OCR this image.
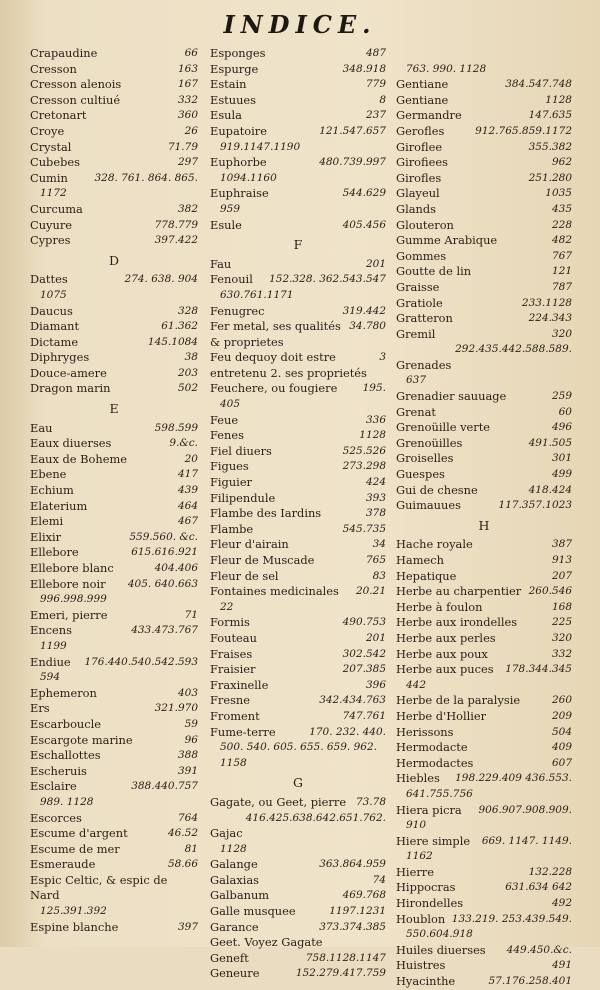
INDICE.
66
Crapaudine
163
Cresson
167
Cresson alenois
332
Cresson cultiué
360
Cretonart
26
Croye
71.79
Crystal
297
Cubebes
328. 761. 864. 865.
Cumin
1172
382
Curcuma
778.779
Cuyure
397.422
Cypres
D
274. 638. 904
Dattes
1075
328
Daucus
61.362
Diamant
145.1084
Dictame
38
Diphryges
203
Douce-amere
502
Dragon marin
E
598.599
Eau
9.&c.
Eaux diuerses
20
Eaux de Boheme
417
Ebene
439
Echium
464
Elaterium
467
Elemi
559.560. &c.
Elixir
615.616.921
Ellebore
404.406
Ellebore blanc
405. 640.663
Ellebore noir
996.998.999
71
Emeri, pierre
433.473.767
Encens
1199
176.440.540.542.593
Endiue
594
403
Ephemeron
321.970
Ers
59
Escarboucle
96
Escargote marine
388
Eschallottes
391
Escheruis
388.440.757
Esclaire
989. 1128
764
Escorces
46.52
Escume d'argent
81
Escume de mer
58.66
Esmeraude
Espic Celtic, & espic de Nard
125.391.392
397
Espine blanche
487
Esponges
348.918
Espurge
779
Estain
8
Estuues
237
Esula
121.547.657
Eupatoire
919.1147.1190
480.739.997
Euphorbe
1094.1160
544.629
Euphraise
959
405.456
Esule
F
201
Fau
152.328. 362.543.547
Fenouil
630.761.1171
319.442
Fenugrec
34.780
Fer metal, ses qualités & proprietes
3
Feu dequoy doit estre entretenu 2. ses proprietés
195.
Feuchere, ou fougiere
405
336
Feue
1128
Fenes
525.526
Fiel diuers
273.298
Figues
424
Figuier
393
Filipendule
378
Flambe des Iardins
545.735
Flambe
34
Fleur d'airain
765
Fleur de Muscade
83
Fleur de sel
20.21
Fontaines medicinales
22
490.753
Formis
201
Fouteau
302.542
Fraises
207.385
Fraisier
396
Fraxinelle
342.434.763
Fresne
747.761
Froment
170. 232. 440.
Fume-terre
500. 540. 605. 655. 659. 962.
1158
G
73.78
Gagate, ou Geet, pierre
416.425.638.642.651.762.
Gajac
1128
363.864.959
Galange
74
Galaxias
469.768
Galbanum
1197.1231
Galle musquee
373.374.385
Garance
Geet. Voyez Gagate
758.1128.1147
Geneft
152.279.417.759
Geneure
763. 990. 1128
384.547.748
Gentiane
1128
Gentiane
147.635
Germandre
912.765.859.1172
Gerofles
355.382
Giroflee
962
Girofiees
251.280
Girofles
1035
Glayeul
435
Glands
228
Glouteron
482
Gumme Arabique
767
Gommes
121
Goutte de lin
787
Graisse
233.1128
Gratiole
224.343
Gratteron
320
Gremil
292.435.442.588.589.
Grenades
637
259
Grenadier sauuage
60
Grenat
496
Grenoüille verte
491.505
Grenoüilles
301
Groiselles
499
Guespes
418.424
Gui de chesne
117.357.1023
Guimauues
H
387
Hache royale
913
Hamech
207
Hepatique
260.546
Herbe au charpentier
168
Herbe à foulon
225
Herbe aux irondelles
320
Herbe aux perles
332
Herbe aux poux
178.344.345
Herbe aux puces
442
260
Herbe de la paralysie
209
Herbe d'Hollier
504
Herissons
409
Hermodacte
607
Hermodactes
198.229.409 436.553.
Hiebles
641.755.756
906.907.908.909.
Hiera picra
910
669. 1147. 1149.
Hiere simple
1162
132.228
Hierre
631.634 642
Hippocras
492
Hirondelles
133.219. 253.439.549.
Houblon
550.604.918
449.450.&c.
Huiles diuerses
491
Huistres
57.176.258.401
Hyacinthe
